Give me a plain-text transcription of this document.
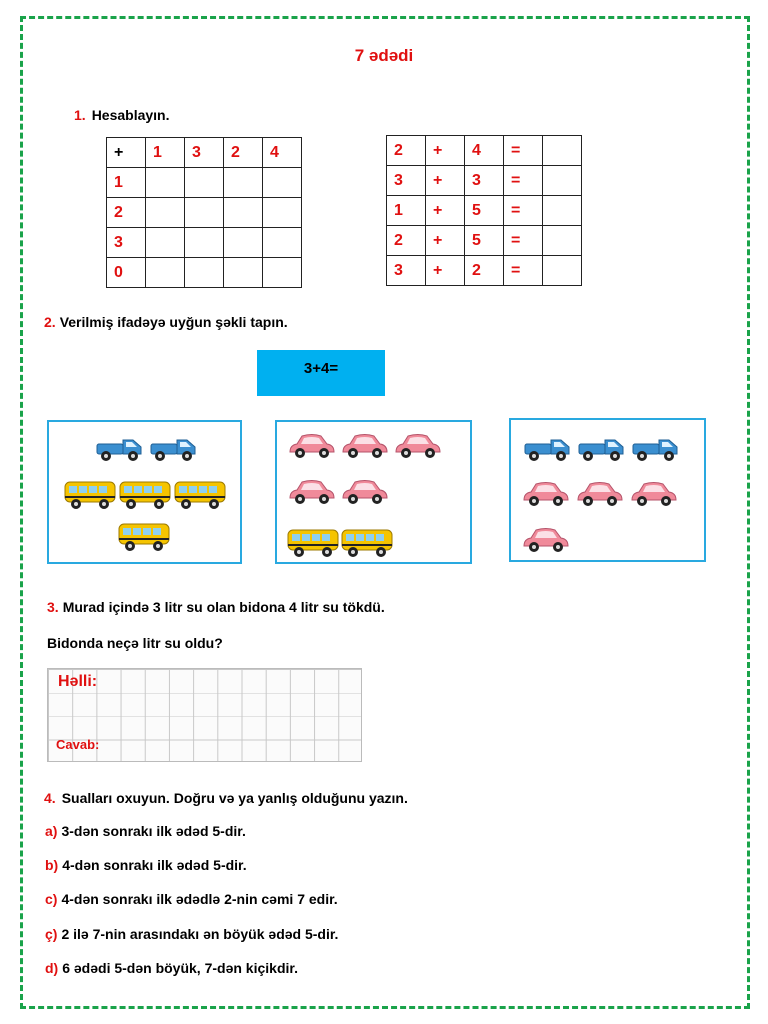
7 ədədi
1. Hesablayın.
+	1	3	2	4
1				
2				
3				
0				
2	+	4	=	
3	+	3	=	
1	+	5	=	
2	+	5	=	
3	+	2	=	
2. Verilmiş ifadəyə uyğun şəkli tapın.
3+4=
3. Murad içində 3 litr su olan bidona 4 litr su tökdü.
Bidonda neçə litr su oldu?
Həlli:
Cavab:
4. Sualları oxuyun. Doğru və ya yanlış olduğunu yazın.
a) 3-dən sonrakı ilk ədəd 5-dir.
b) 4-dən sonrakı ilk ədəd 5-dir.
c) 4-dən sonrakı ilk ədədlə 2-nin cəmi 7 edir.
ç) 2 ilə 7-nin arasındakı ən böyük ədəd 5-dir.
d) 6 ədədi 5-dən böyük, 7-dən kiçikdir.
